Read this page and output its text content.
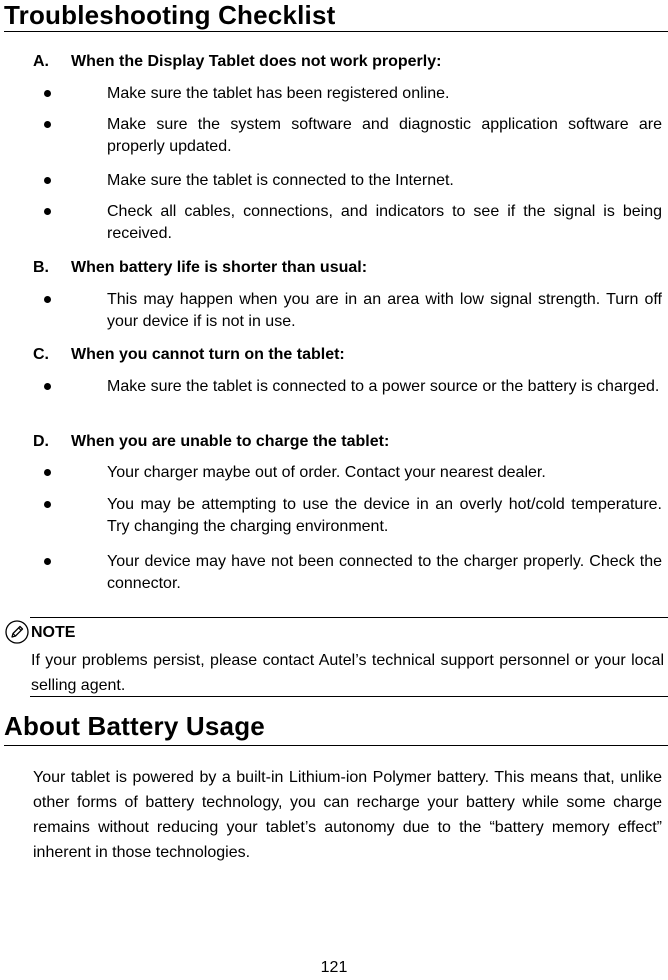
Troubleshooting Checklist
A. When the Display Tablet does not work properly:
Make sure the tablet has been registered online.
Make sure the system software and diagnostic application software are properly updated.
Make sure the tablet is connected to the Internet.
Check all cables, connections, and indicators to see if the signal is being received.
B. When battery life is shorter than usual:
This may happen when you are in an area with low signal strength. Turn off your device if is not in use.
C. When you cannot turn on the tablet:
Make sure the tablet is connected to a power source or the battery is charged.
D. When you are unable to charge the tablet:
Your charger maybe out of order. Contact your nearest dealer.
You may be attempting to use the device in an overly hot/cold temperature. Try changing the charging environment.
Your device may have not been connected to the charger properly. Check the connector.
NOTE
If your problems persist, please contact Autel’s technical support personnel or your local selling agent.
About Battery Usage
Your tablet is powered by a built-in Lithium-ion Polymer battery. This means that, unlike other forms of battery technology, you can recharge your battery while some charge remains without reducing your tablet’s autonomy due to the “battery memory effect” inherent in those technologies.
121
